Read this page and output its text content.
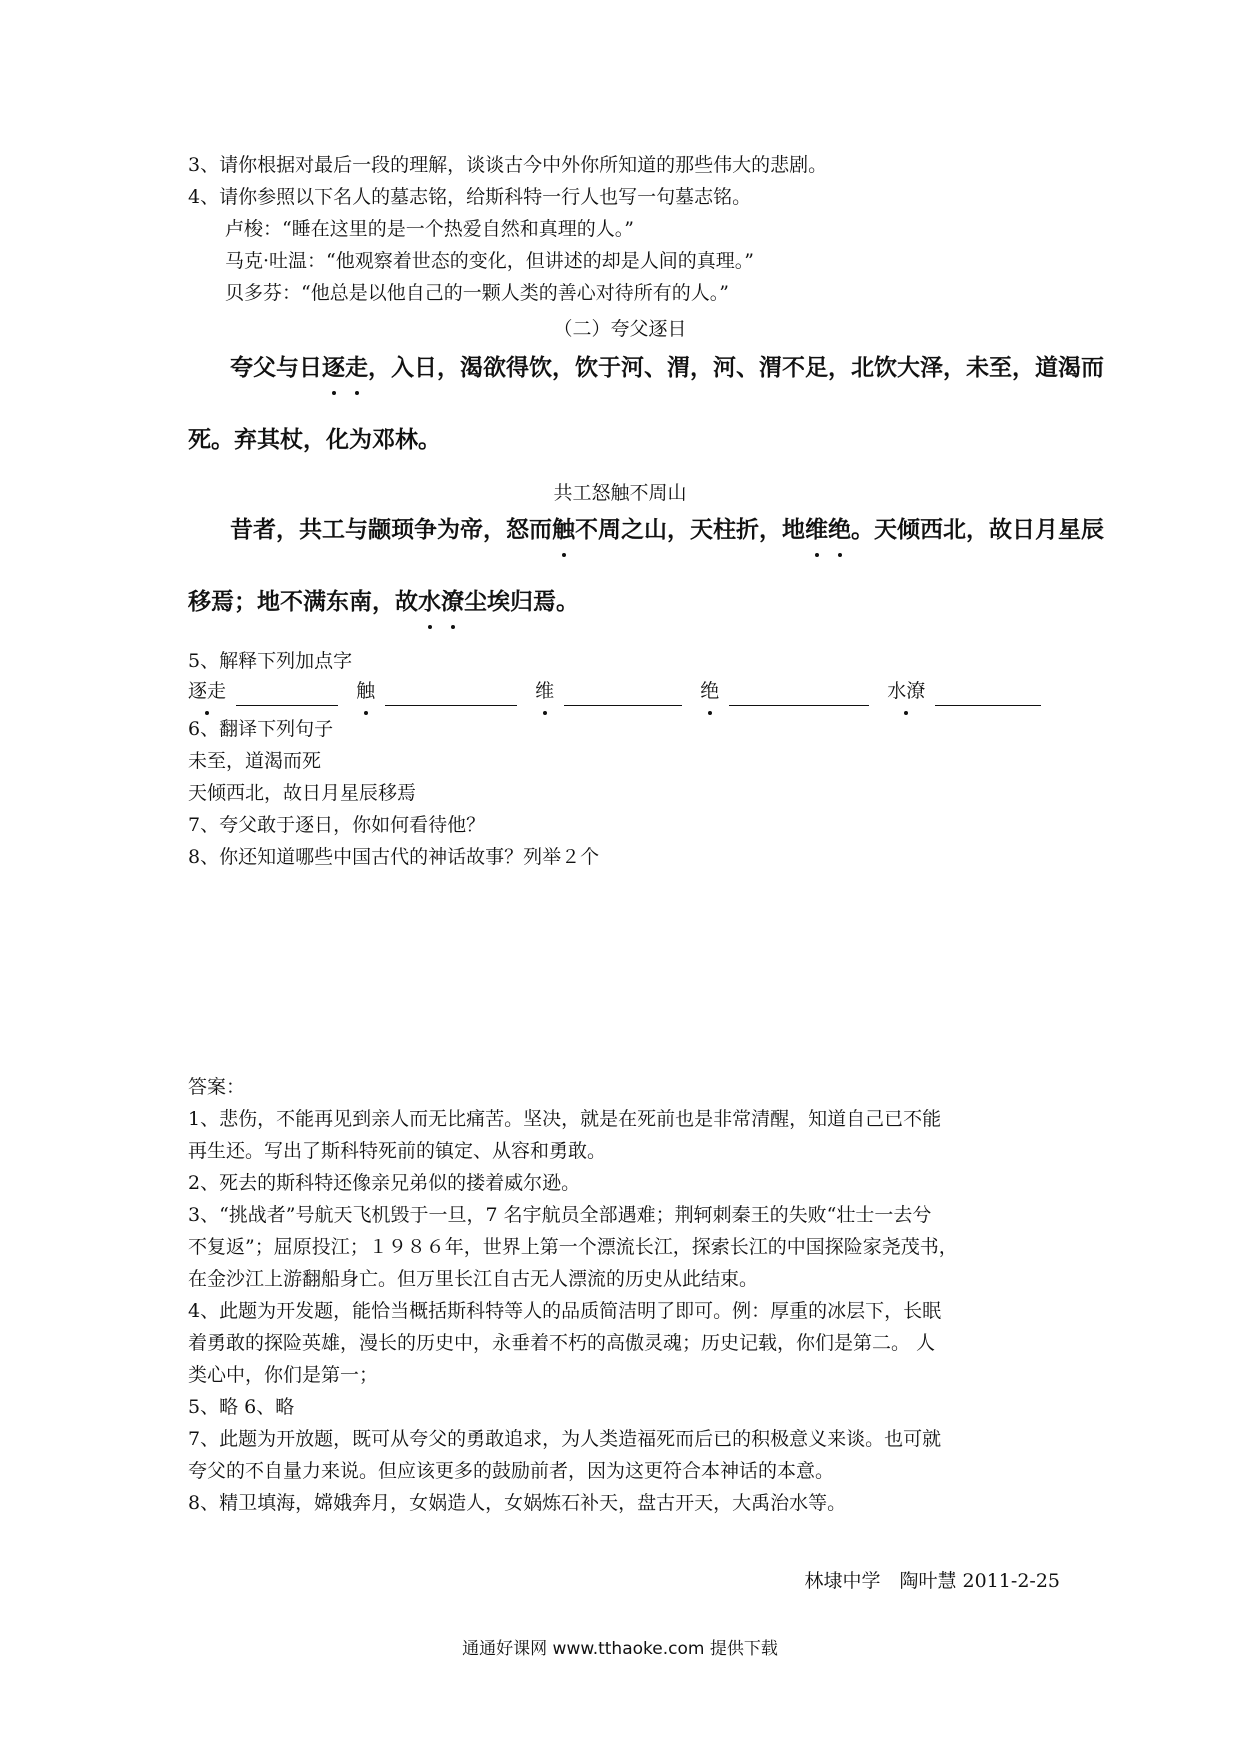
3、请你根据对最后一段的理解，谈谈古今中外你所知道的那些伟大的悲剧。
4、请你参照以下名人的墓志铭，给斯科特一行人也写一句墓志铭。
卢梭：“睡在这里的是一个热爱自然和真理的人。”
马克·吐温：“他观察着世态的变化，但讲述的却是人间的真理。”
贝多芬：“他总是以他自己的一颗人类的善心对待所有的人。”
（二）夸父逐日
夸父与日逐走，入日，渴欲得饮，饮于河、渭，河、渭不足，北饮大泽，未至，道渴而
死。弃其杖，化为邓林。
共工怒触不周山
昔者，共工与颛顼争为帝，怒而触不周之山，天柱折，地维绝。天倾西北，故日月星辰
移焉；地不满东南，故水潦尘埃归焉。
5、解释下列加点字
逐走	触	维	绝	水潦
6、翻译下列句子
未至，道渴而死
天倾西北，故日月星辰移焉
7、夸父敢于逐日，你如何看待他？
8、你还知道哪些中国古代的神话故事？列举２个
答案：
1、悲伤，不能再见到亲人而无比痛苦。坚决，就是在死前也是非常清醒，知道自己已不能
再生还。写出了斯科特死前的镇定、从容和勇敢。
2、死去的斯科特还像亲兄弟似的搂着威尔逊。
3、“挑战者”号航天飞机毁于一旦，7 名宇航员全部遇难；荆轲刺秦王的失败“壮士一去兮
不复返”；屈原投江；１９８６年，世界上第一个漂流长江，探索长江的中国探险家尧茂书，
在金沙江上游翻船身亡。但万里长江自古无人漂流的历史从此结束。
4、此题为开发题，能恰当概括斯科特等人的品质简洁明了即可。例：厚重的冰层下，长眠
着勇敢的探险英雄，漫长的历史中，永垂着不朽的高傲灵魂；历史记载，你们是第二。 人
类心中，你们是第一；
5、略 6、略
7、此题为开放题，既可从夸父的勇敢追求，为人类造福死而后已的积极意义来谈。也可就
夸父的不自量力来说。但应该更多的鼓励前者，因为这更符合本神话的本意。
8、精卫填海，嫦娥奔月，女娲造人，女娲炼石补天，盘古开天，大禹治水等。
林埭中学　陶叶慧 2011-2-25
通通好课网 www.tthaoke.com 提供下载
